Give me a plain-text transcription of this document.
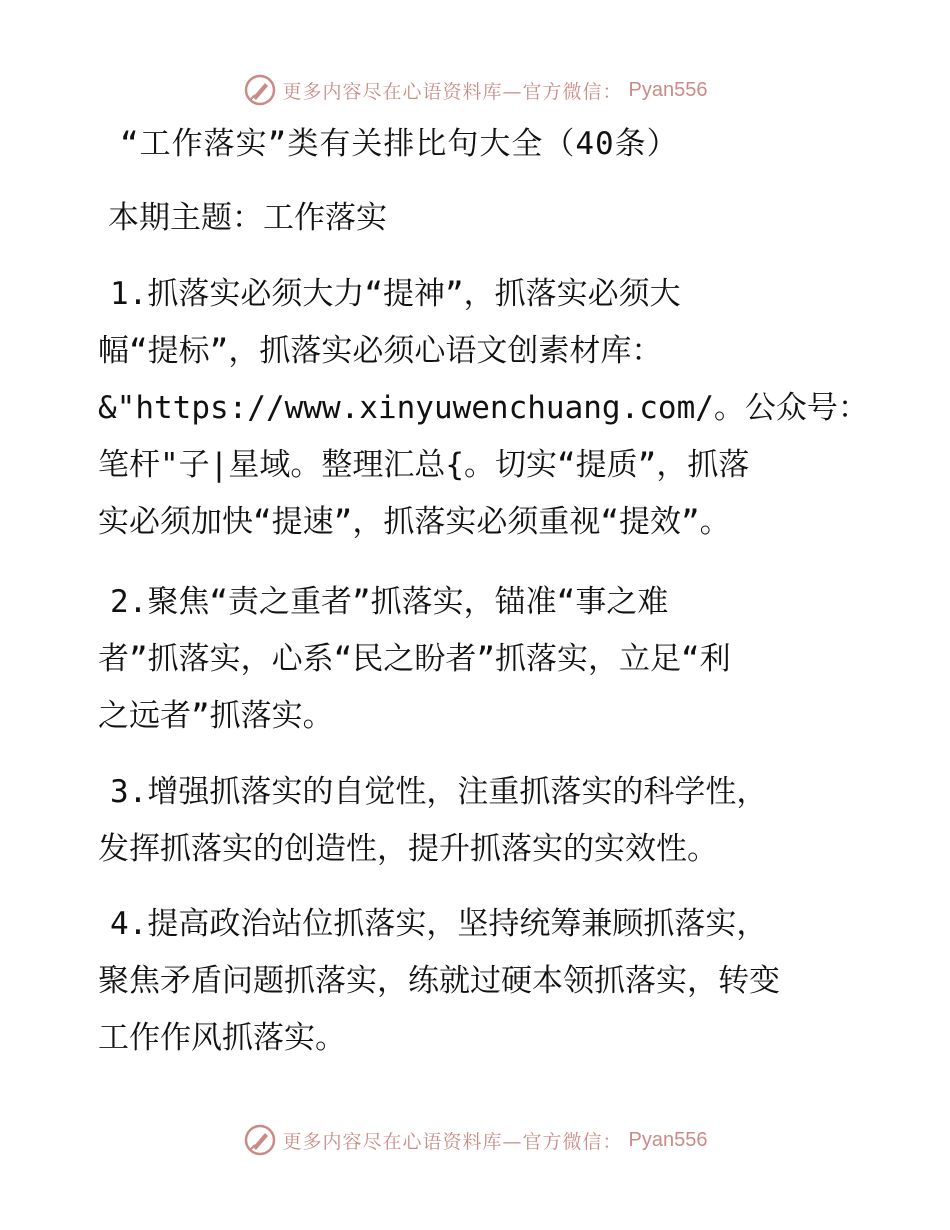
更多内容尽在心语资料库—官方微信： Pyan556
“工作落实”类有关排比句大全（40条）
本期主题：工作落实

1.抓落实必须大力“提神”，抓落实必须大
幅“提标”，抓落实必须心语文创素材库：
&"https://www.xinyuwenchuang.com/。公众号：
笔杆"子|星域。整理汇总{。切实“提质”，抓落
实必须加快“提速”，抓落实必须重视“提效”。

2.聚焦“责之重者”抓落实，锚准“事之难
者”抓落实，心系“民之盼者”抓落实，立足“利
之远者”抓落实。

3.增强抓落实的自觉性，注重抓落实的科学性，
发挥抓落实的创造性，提升抓落实的实效性。

4.提高政治站位抓落实，坚持统筹兼顾抓落实，
聚焦矛盾问题抓落实，练就过硬本领抓落实，转变
工作作风抓落实。

更多内容尽在心语资料库—官方微信： Pyan556
